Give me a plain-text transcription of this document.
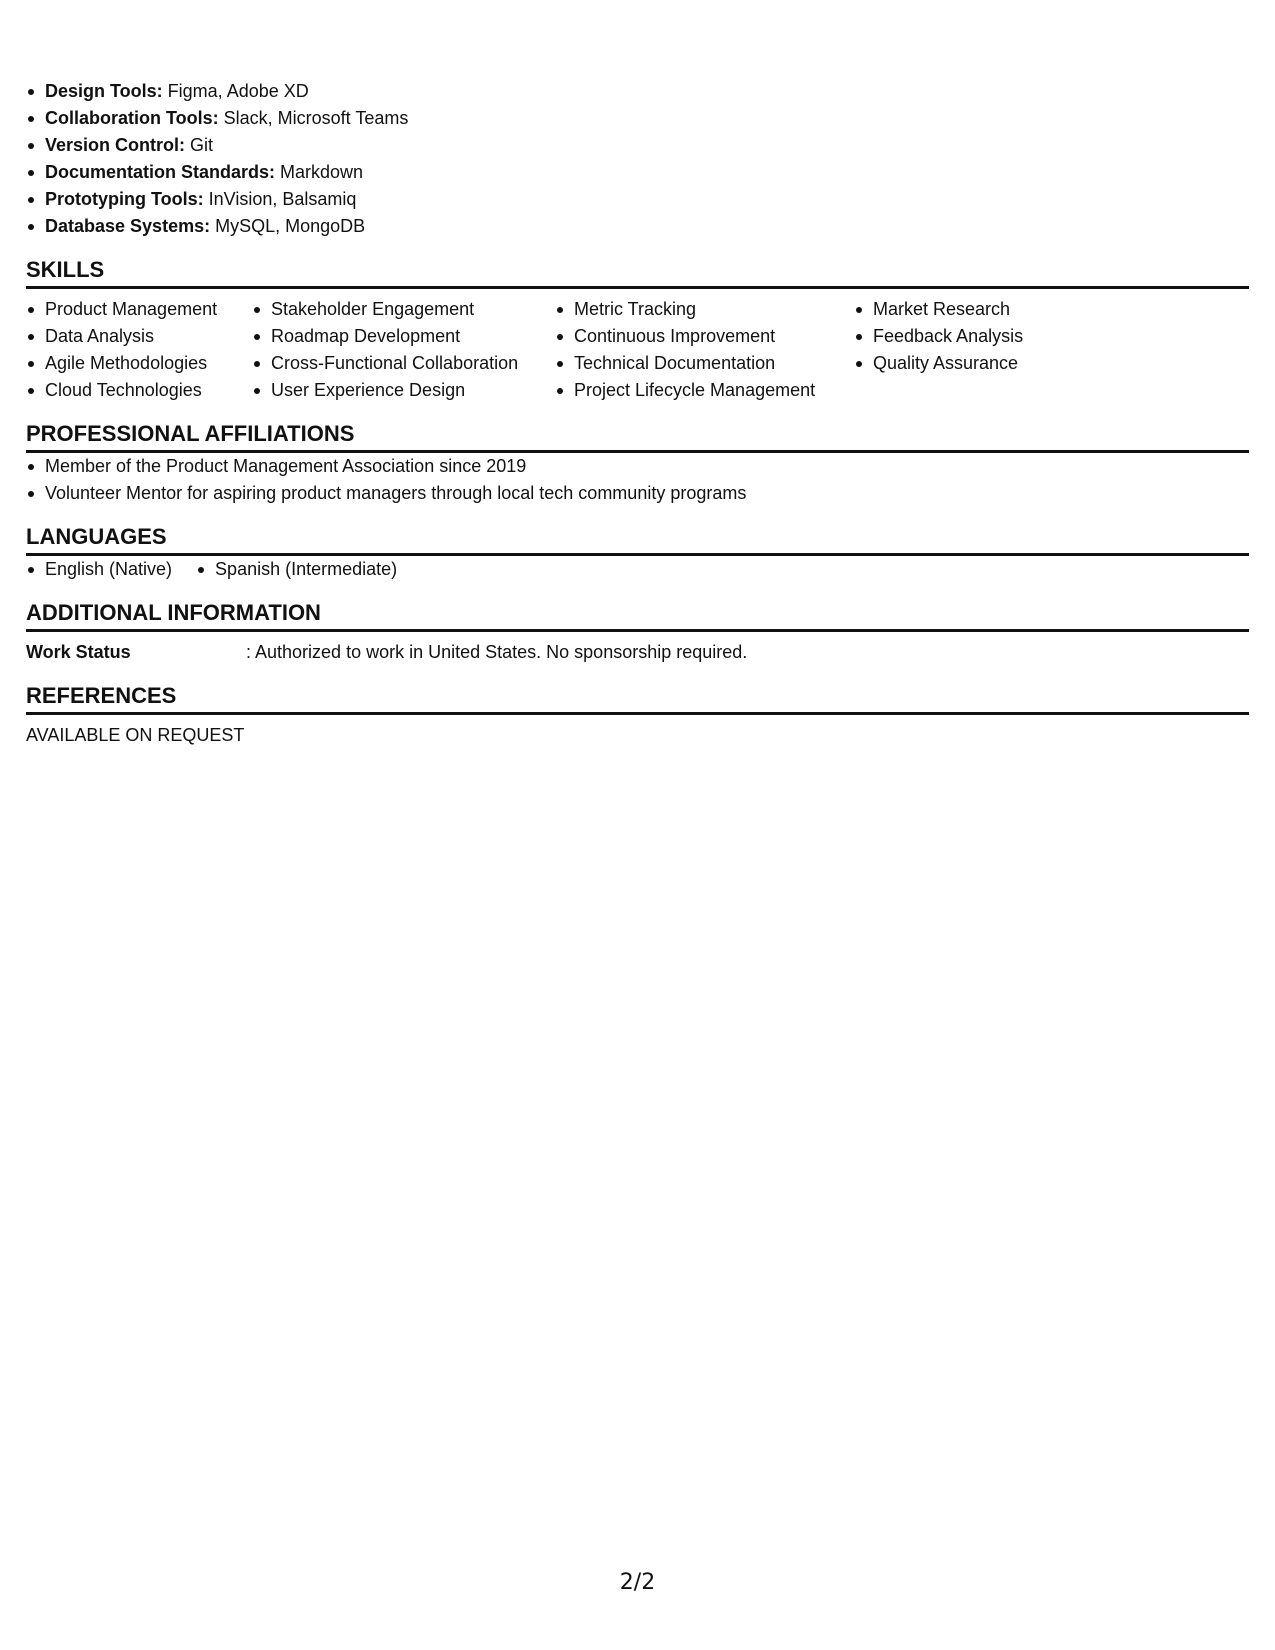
Design Tools: Figma, Adobe XD
Collaboration Tools: Slack, Microsoft Teams
Version Control: Git
Documentation Standards: Markdown
Prototyping Tools: InVision, Balsamiq
Database Systems: MySQL, MongoDB
SKILLS
Product Management
Data Analysis
Agile Methodologies
Cloud Technologies
Stakeholder Engagement
Roadmap Development
Cross-Functional Collaboration
User Experience Design
Metric Tracking
Continuous Improvement
Technical Documentation
Project Lifecycle Management
Market Research
Feedback Analysis
Quality Assurance
PROFESSIONAL AFFILIATIONS
Member of the Product Management Association since 2019
Volunteer Mentor for aspiring product managers through local tech community programs
LANGUAGES
English (Native)	Spanish (Intermediate)
ADDITIONAL INFORMATION
Work Status	: Authorized to work in United States. No sponsorship required.
REFERENCES
AVAILABLE ON REQUEST
2/2
